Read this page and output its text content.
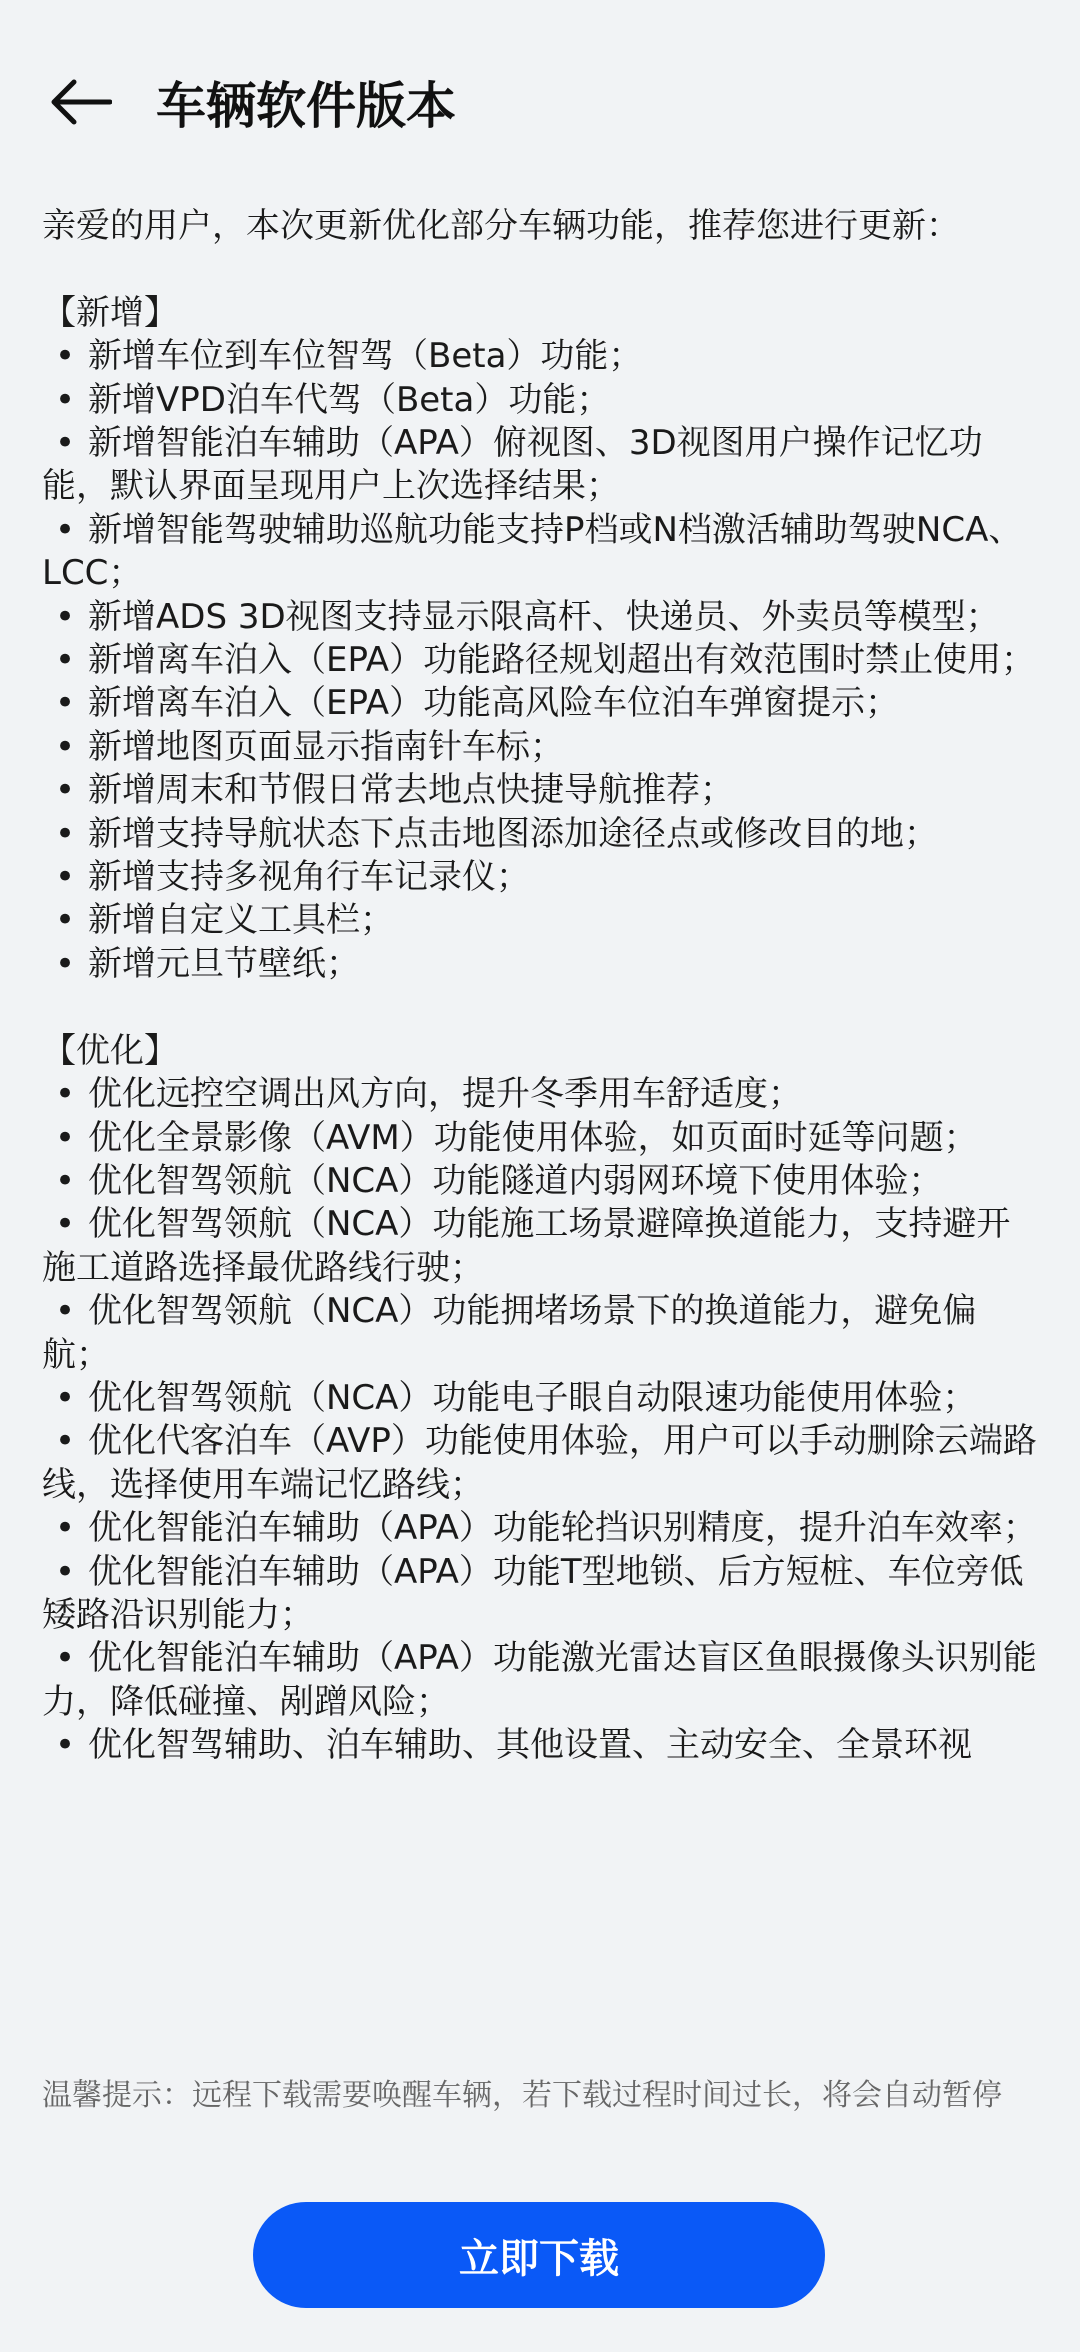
车辆软件版本

亲爱的用户，本次更新优化部分车辆功能，推荐您进行更新：

【新增】

• 新增车位到车位智驾（Beta）功能；

• 新增VPD泊车代驾（Beta）功能；

• 新增智能泊车辅助（APA）俯视图、3D视图用户操作记忆功能，默认界面呈现用户上次选择结果；

• 新增智能驾驶辅助巡航功能支持P档或N档激活辅助驾驶NCA、LCC；

• 新增ADS 3D视图支持显示限高杆、快递员、外卖员等模型；

• 新增离车泊入（EPA）功能路径规划超出有效范围时禁止使用；

• 新增离车泊入（EPA）功能高风险车位泊车弹窗提示；

• 新增地图页面显示指南针车标；

• 新增周末和节假日常去地点快捷导航推荐；

• 新增支持导航状态下点击地图添加途径点或修改目的地；

• 新增支持多视角行车记录仪；

• 新增自定义工具栏；

• 新增元旦节壁纸；

【优化】

• 优化远控空调出风方向，提升冬季用车舒适度；

• 优化全景影像（AVM）功能使用体验，如页面时延等问题；

• 优化智驾领航（NCA）功能隧道内弱网环境下使用体验；

• 优化智驾领航（NCA）功能施工场景避障换道能力，支持避开施工道路选择最优路线行驶；

• 优化智驾领航（NCA）功能拥堵场景下的换道能力，避免偏航；

• 优化智驾领航（NCA）功能电子眼自动限速功能使用体验；

• 优化代客泊车（AVP）功能使用体验，用户可以手动删除云端路线，选择使用车端记忆路线；

• 优化智能泊车辅助（APA）功能轮挡识别精度，提升泊车效率；

• 优化智能泊车辅助（APA）功能T型地锁、后方短桩、车位旁低矮路沿识别能力；

• 优化智能泊车辅助（APA）功能激光雷达盲区鱼眼摄像头识别能力，降低碰撞、剐蹭风险；

• 优化智驾辅助、泊车辅助、其他设置、主动安全、全景环视

温馨提示：远程下载需要唤醒车辆，若下载过程时间过长，将会自动暂停
立即下载
